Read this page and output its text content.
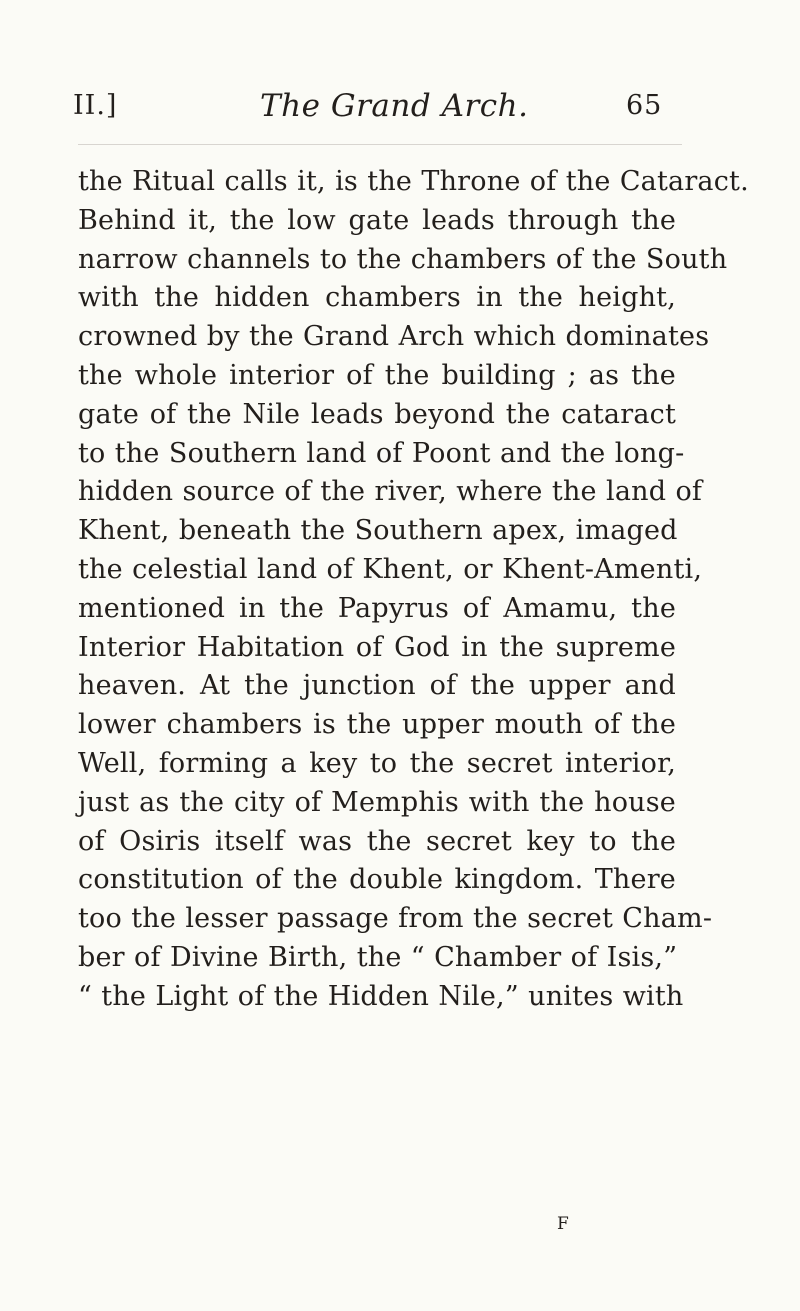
II.]	The Grand Arch.	65
the Ritual calls it, is the Throne of the Cataract.
Behind it, the low gate leads through the
narrow channels to the chambers of the South
with the hidden chambers in the height,
crowned by the Grand Arch which dominates
the whole interior of the building ; as the
gate of the Nile leads beyond the cataract
to the Southern land of Poont and the long-
hidden source of the river, where the land of
Khent, beneath the Southern apex, imaged
the celestial land of Khent, or Khent-Amenti,
mentioned in the Papyrus of Amamu, the
Interior Habitation of God in the supreme
heaven. At the junction of the upper and
lower chambers is the upper mouth of the
Well, forming a key to the secret interior,
just as the city of Memphis with the house
of Osiris itself was the secret key to the
constitution of the double kingdom. There
too the lesser passage from the secret Cham-
ber of Divine Birth, the “ Chamber of Isis,”
“ the Light of the Hidden Nile,” unites with
F
